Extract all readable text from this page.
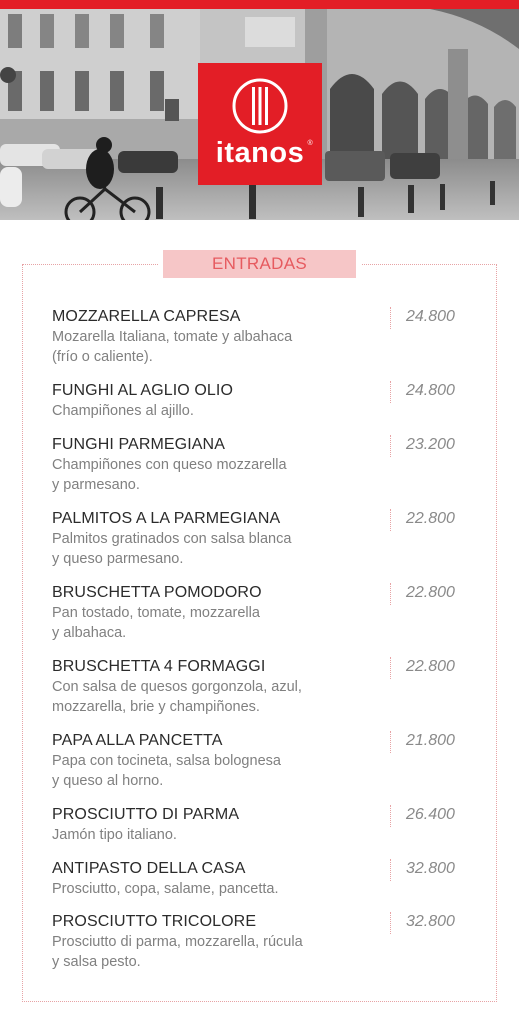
itanos ®
ENTRADAS
MOZZARELLA CAPRESA
Mozarella Italiana, tomate y albahaca
(frío o caliente).
24.800
FUNGHI AL AGLIO OLIO
Champiñones al ajillo.
24.800
FUNGHI PARMEGIANA
Champiñones con queso mozzarella
y parmesano.
23.200
PALMITOS A LA PARMEGIANA
Palmitos gratinados con salsa blanca
y queso parmesano.
22.800
BRUSCHETTA POMODORO
Pan tostado, tomate, mozzarella
y albahaca.
22.800
BRUSCHETTA 4 FORMAGGI
Con salsa de quesos gorgonzola, azul,
mozzarella, brie y champiñones.
22.800
PAPA ALLA PANCETTA
Papa con tocineta, salsa bolognesa
y queso al horno.
21.800
PROSCIUTTO DI PARMA
Jamón tipo italiano.
26.400
ANTIPASTO DELLA CASA
Prosciutto, copa, salame, pancetta.
32.800
PROSCIUTTO TRICOLORE
Prosciutto di parma, mozzarella, rúcula
y salsa pesto.
32.800
